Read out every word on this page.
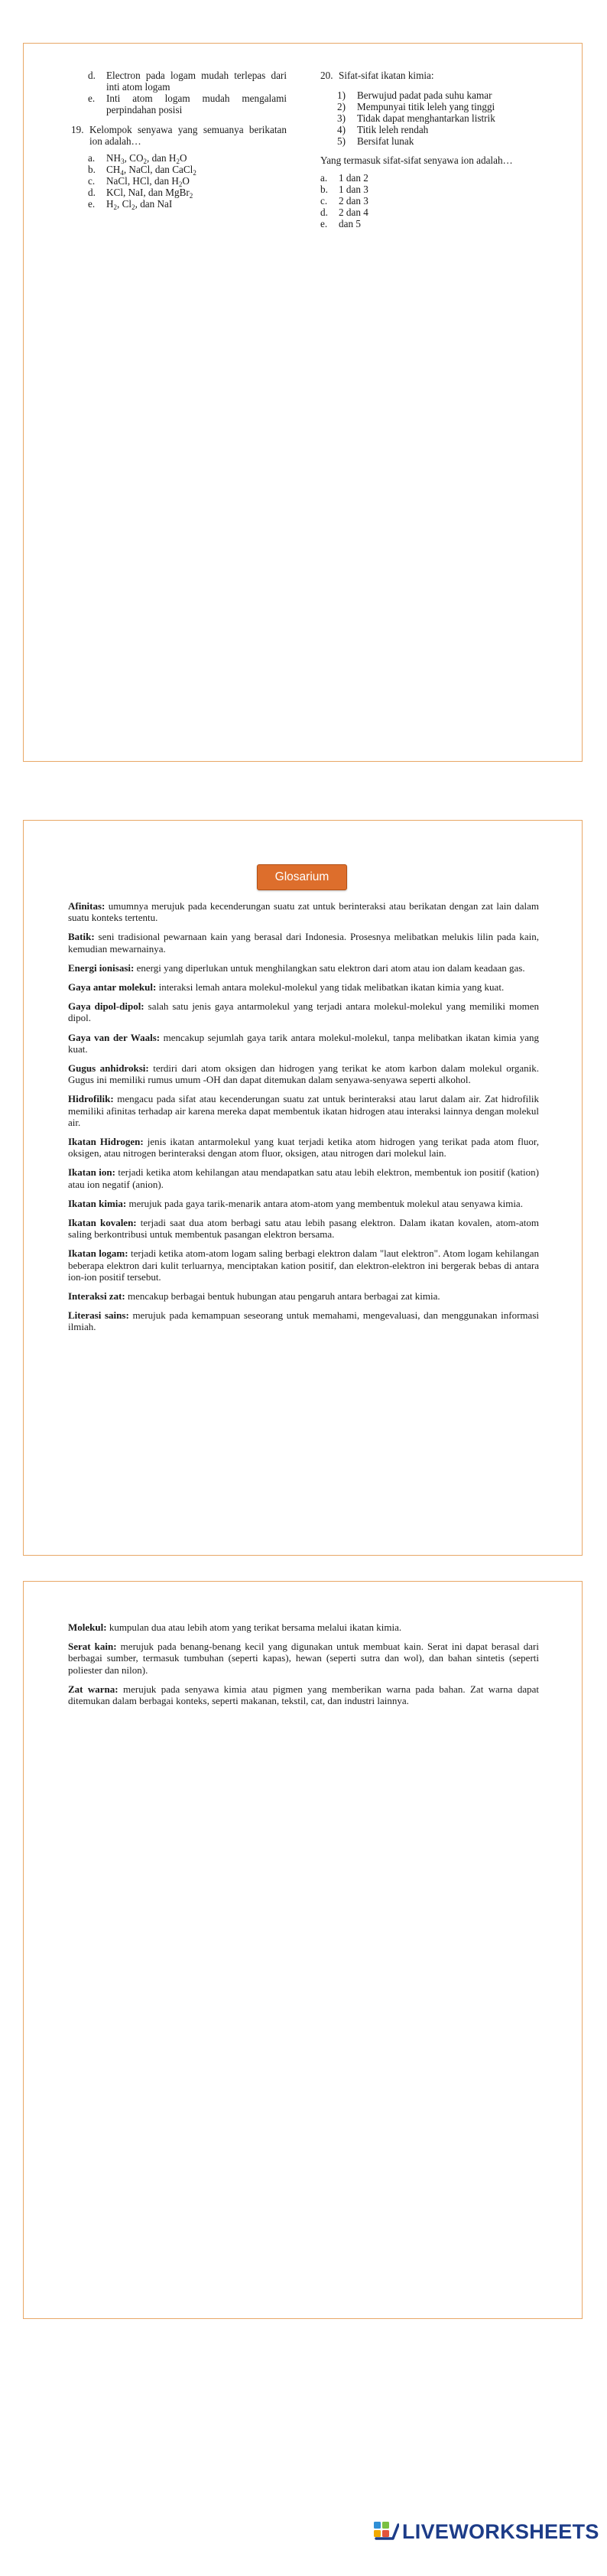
d.	Electron pada logam mudah terlepas dari inti atom logam
e.	Inti atom logam mudah mengalami perpindahan posisi
19. Kelompok senyawa yang semuanya berikatan ion adalah…
a.	$NH_3$, $CO_2$, dan $H_2O$
b.	$CH_4$, NaCl, dan CaCl$_2$
c.	NaCl, HCl, dan $H_2O$
d.	KCl, NaI, dan MgBr$_2$
e.	$H_2$, $Cl_2$, dan NaI
20. Sifat-sifat ikatan kimia:
1)	Berwujud padat pada suhu kamar
2)	Mempunyai titik leleh yang tinggi
3)	Tidak dapat menghantarkan listrik
4)	Titik leleh rendah
5)	Bersifat lunak
Yang termasuk sifat-sifat senyawa ion adalah…
a.	1 dan 2
b.	1 dan 3
c.	2 dan 3
d.	2 dan 4
e.	dan 5
Glosarium
Afinitas: umumnya merujuk pada kecenderungan suatu zat untuk berinteraksi atau berikatan dengan zat lain dalam suatu konteks tertentu.
Batik: seni tradisional pewarnaan kain yang berasal dari Indonesia. Prosesnya melibatkan melukis lilin pada kain, kemudian mewarnainya.
Energi ionisasi: energi yang diperlukan untuk menghilangkan satu elektron dari atom atau ion dalam keadaan gas.
Gaya antar molekul: interaksi lemah antara molekul-molekul yang tidak melibatkan ikatan kimia yang kuat.
Gaya dipol-dipol: salah satu jenis gaya antarmolekul yang terjadi antara molekul-molekul yang memiliki momen dipol.
Gaya van der Waals: mencakup sejumlah gaya tarik antara molekul-molekul, tanpa melibatkan ikatan kimia yang kuat.
Gugus anhidroksi: terdiri dari atom oksigen dan hidrogen yang terikat ke atom karbon dalam molekul organik. Gugus ini memiliki rumus umum -OH dan dapat ditemukan dalam senyawa-senyawa seperti alkohol.
Hidrofilik: mengacu pada sifat atau kecenderungan suatu zat untuk berinteraksi atau larut dalam air. Zat hidrofilik memiliki afinitas terhadap air karena mereka dapat membentuk ikatan hidrogen atau interaksi lainnya dengan molekul air.
Ikatan Hidrogen: jenis ikatan antarmolekul yang kuat terjadi ketika atom hidrogen yang terikat pada atom fluor, oksigen, atau nitrogen berinteraksi dengan atom fluor, oksigen, atau nitrogen dari molekul lain.
Ikatan ion: terjadi ketika atom kehilangan atau mendapatkan satu atau lebih elektron, membentuk ion positif (kation) atau ion negatif (anion).
Ikatan kimia: merujuk pada gaya tarik-menarik antara atom-atom yang membentuk molekul atau senyawa kimia.
Ikatan kovalen: terjadi saat dua atom berbagi satu atau lebih pasang elektron. Dalam ikatan kovalen, atom-atom saling berkontribusi untuk membentuk pasangan elektron bersama.
Ikatan logam: terjadi ketika atom-atom logam saling berbagi elektron dalam "laut elektron". Atom logam kehilangan beberapa elektron dari kulit terluarnya, menciptakan kation positif, dan elektron-elektron ini bergerak bebas di antara ion-ion positif tersebut.
Interaksi zat: mencakup berbagai bentuk hubungan atau pengaruh antara berbagai zat kimia.
Literasi sains: merujuk pada kemampuan seseorang untuk memahami, mengevaluasi, dan menggunakan informasi ilmiah.
Molekul: kumpulan dua atau lebih atom yang terikat bersama melalui ikatan kimia.
Serat kain: merujuk pada benang-benang kecil yang digunakan untuk membuat kain. Serat ini dapat berasal dari berbagai sumber, termasuk tumbuhan (seperti kapas), hewan (seperti sutra dan wol), dan bahan sintetis (seperti poliester dan nilon).
Zat warna: merujuk pada senyawa kimia atau pigmen yang memberikan warna pada bahan. Zat warna dapat ditemukan dalam berbagai konteks, seperti makanan, tekstil, cat, dan industri lainnya.
LIVEWORKSHEETS
